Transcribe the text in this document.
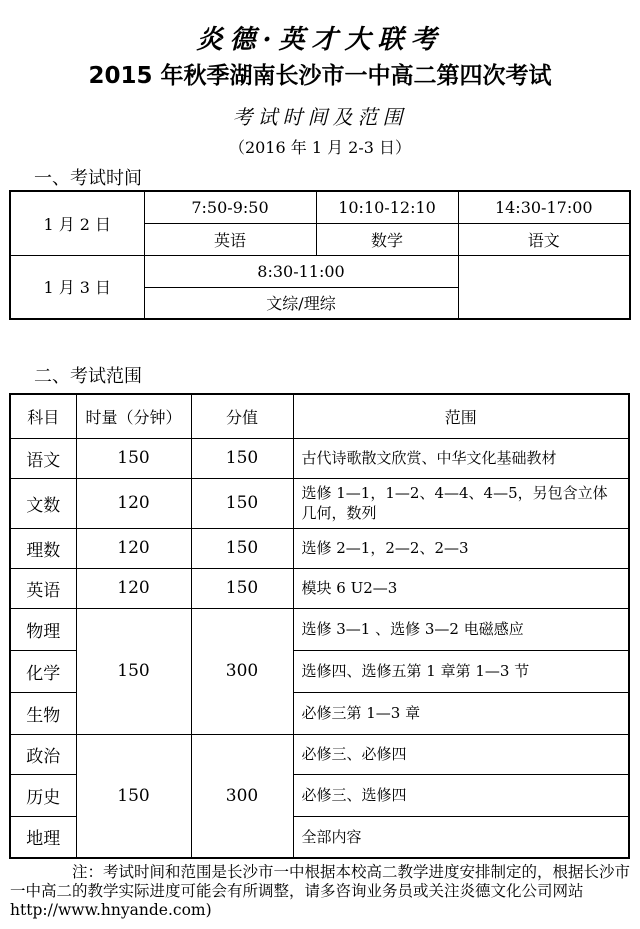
炎德·英才大联考
2015 年秋季湖南长沙市一中高二第四次考试
考试时间及范围
（2016 年 1 月 2-3 日）
一、考试时间
1 月 2 日	7:50-9:50	10:10-12:10	14:30-17:00
	英语	数学	语文
1 月 3 日	8:30-11:00		
	文综/理综		
二、考试范围
科目	时量（分钟）	分值	范围
语文	150	150	古代诗歌散文欣赏、中华文化基础教材
文数	120	150	选修 1—1，1—2、4—4、4—5，另包含立体几何，数列
理数	120	150	选修 2—1，2—2、2—3
英语	120	150	模块 6 U2—3
物理	150	300	选修 3—1 、选修 3—2 电磁感应
化学			选修四、选修五第 1 章第 1—3 节
生物			必修三第 1—3 章
政治	150	300	必修三、必修四
历史			必修三、选修四
地理			全部内容
注：考试时间和范围是长沙市一中根据本校高二教学进度安排制定的，根据长沙市
一中高二的教学实际进度可能会有所调整，请多咨询业务员或关注炎德文化公司网站
http://www.hnyande.com)
